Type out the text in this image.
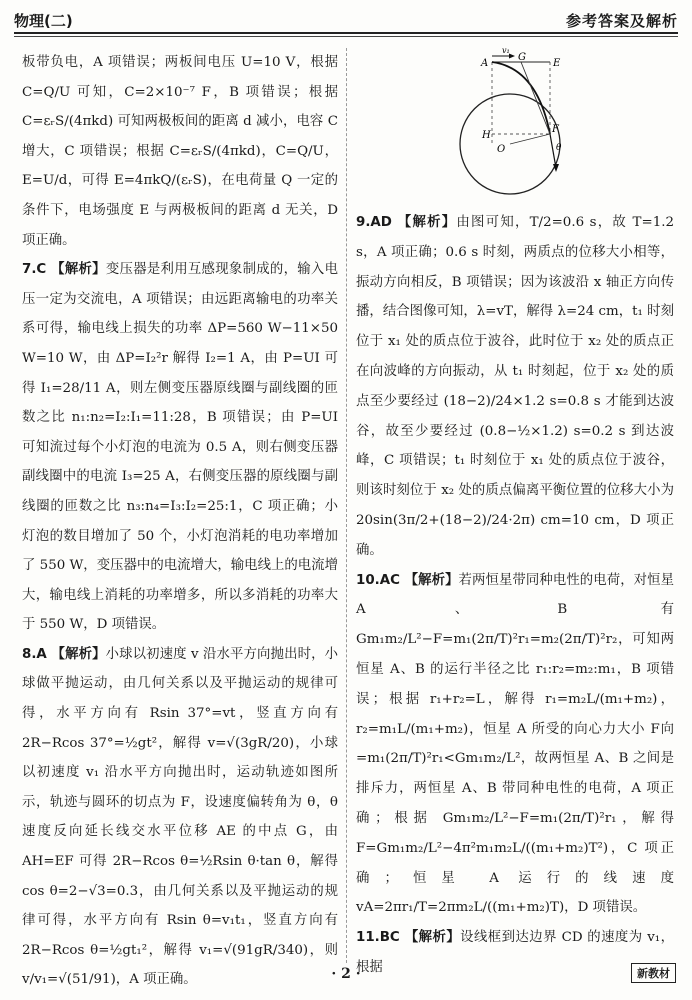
物理(二)	参考答案及解析

板带负电，A 项错误；两板间电压 U=10 V，根据 C=Q/U 可知，C=2×10⁻⁷ F，B 项错误；根据 C=εᵣS/(4πkd) 可知两极板间的距离 d 减小，电容 C 增大，C 项错误；根据 C=εᵣS/(4πkd)，C=Q/U，E=U/d，可得 E=4πkQ/(εᵣS)，在电荷量 Q 一定的条件下，电场强度 E 与两极板间的距离 d 无关，D 项正确。

7.C 【解析】变压器是利用互感现象制成的，输入电压一定为交流电，A 项错误；由远距离输电的功率关系可得，输电线上损失的功率 ΔP=560 W−11×50 W=10 W，由 ΔP=I₂²r 解得 I₂=1 A，由 P=UI 可得 I₁=28/11 A，则左侧变压器原线圈与副线圈的匝数之比 n₁:n₂=I₂:I₁=11:28，B 项错误；由 P=UI 可知流过每个小灯泡的电流为 0.5 A，则右侧变压器副线圈中的电流 I₃=25 A，右侧变压器的原线圈与副线圈的匝数之比 n₃:n₄=I₃:I₂=25:1，C 项正确；小灯泡的数目增加了 50 个，小灯泡消耗的电功率增加了 550 W，变压器中的电流增大，输电线上的电流增大，输电线上消耗的功率增多，所以多消耗的功率大于 550 W，D 项错误。

8.A 【解析】小球以初速度 v 沿水平方向抛出时，小球做平抛运动，由几何关系以及平抛运动的规律可得，水平方向有 Rsin 37°=vt，竖直方向有 2R−Rcos 37°=½gt²，解得 v=√(3gR/20)，小球以初速度 v₁ 沿水平方向抛出时，运动轨迹如图所示，轨迹与圆环的切点为 F，设速度偏转角为 θ，θ 速度反向延长线交水平位移 AE 的中点 G，由 AH=EF 可得 2R−Rcos θ=½Rsin θ·tan θ，解得 cos θ=2−√3=0.3，由几何关系以及平抛运动的规律可得，水平方向有 Rsin θ=v₁t₁，竖直方向有 2R−Rcos θ=½gt₁²，解得 v₁=√(91gR/340)，则 v/v₁=√(51/91)，A 项正确。

A
v₁
G
E
H
O
F
θ

9.AD 【解析】由图可知，T/2=0.6 s，故 T=1.2 s，A 项正确；0.6 s 时刻，两质点的位移大小相等，振动方向相反，B 项错误；因为该波沿 x 轴正方向传播，结合图像可知，λ=vT，解得 λ=24 cm，t₁ 时刻位于 x₁ 处的质点位于波谷，此时位于 x₂ 处的质点正在向波峰的方向振动，从 t₁ 时刻起，位于 x₂ 处的质点至少要经过 (18−2)/24×1.2 s=0.8 s 才能到达波谷，故至少要经过 (0.8−½×1.2) s=0.2 s 到达波峰，C 项错误；t₁ 时刻位于 x₁ 处的质点位于波谷，则该时刻位于 x₂ 处的质点偏离平衡位置的位移大小为 20sin(3π/2+(18−2)/24·2π) cm=10 cm，D 项正确。

10.AC 【解析】若两恒星带同种电性的电荷，对恒星 A、B 有 Gm₁m₂/L²−F=m₁(2π/T)²r₁=m₂(2π/T)²r₂，可知两恒星 A、B 的运行半径之比 r₁:r₂=m₂:m₁，B 项错误；根据 r₁+r₂=L，解得 r₁=m₂L/(m₁+m₂)，r₂=m₁L/(m₁+m₂)，恒星 A 所受的向心力大小 F向=m₁(2π/T)²r₁<Gm₁m₂/L²，故两恒星 A、B 之间是排斥力，两恒星 A、B 带同种电性的电荷，A 项正确；根据 Gm₁m₂/L²−F=m₁(2π/T)²r₁，解得 F=Gm₁m₂/L²−4π²m₁m₂L/((m₁+m₂)T²)，C 项正确；恒星 A 运行的线速度 vA=2πr₁/T=2πm₂L/((m₁+m₂)T)，D 项错误。

11.BC 【解析】设线框到达边界 CD 的速度为 v₁，根据

· 2 ·	新教材
